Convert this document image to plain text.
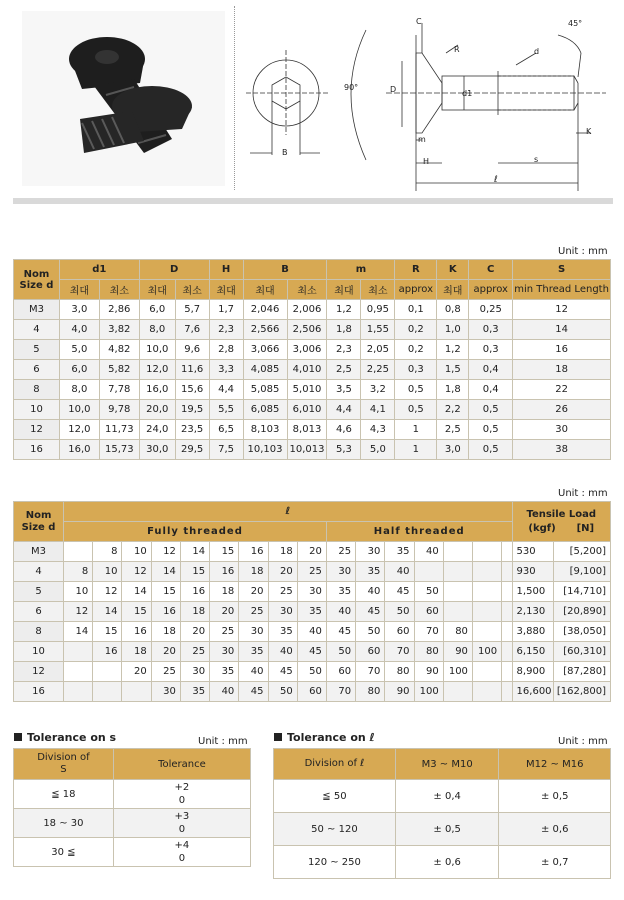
C
R	d
45°
D	d1
90°
m
K
B
H	s
ℓ
Unit : mm
Nom Size d	d1		D		H	B		m		R	K	C	S
	최대	최소	최대	최소	최대	최대	최소	최대	최소	approx	최대	approx	min Thread Length
M3	3,0	2,86	6,0	5,7	1,7	2,046	2,006	1,2	0,95	0,1	0,8	0,25	12
4	4,0	3,82	8,0	7,6	2,3	2,566	2,506	1,8	1,55	0,2	1,0	0,3	14
5	5,0	4,82	10,0	9,6	2,8	3,066	3,006	2,3	2,05	0,2	1,2	0,3	16
6	6,0	5,82	12,0	11,6	3,3	4,085	4,010	2,5	2,25	0,3	1,5	0,4	18
8	8,0	7,78	16,0	15,6	4,4	5,085	5,010	3,5	3,2	0,5	1,8	0,4	22
10	10,0	9,78	20,0	19,5	5,5	6,085	6,010	4,4	4,1	0,5	2,2	0,5	26
12	12,0	11,73	24,0	23,5	6,5	8,103	8,013	4,6	4,3	1	2,5	0,5	30
16	16,0	15,73	30,0	29,5	7,5	10,103	10,013	5,3	5,0	1	3,0	0,5	38
Unit : mm
Nom Size d	ℓ																Tensile Load
(kgf)      [N]	

	Fully threaded									Half threaded								
M3		8	10	12	14	15	16	18	20	25	30	35	40				530	[5,200]
4	8	10	12	14	15	16	18	20	25	30	35	40					930	[9,100]
5	10	12	14	15	16	18	20	25	30	35	40	45	50				1,500	[14,710]
6	12	14	15	16	18	20	25	30	35	40	45	50	60				2,130	[20,890]
8	14	15	16	18	20	25	30	35	40	45	50	60	70	80			3,880	[38,050]
10		16	18	20	25	30	35	40	45	50	60	70	80	90	100		6,150	[60,310]
12			20	25	30	35	40	45	50	60	70	80	90	100			8,900	[87,280]
16				30	35	40	45	50	60	70	80	90	100				16,600	[162,800]
Tolerance on s	Unit : mm
Division of S	Tolerance
≦ 18	+2
0

18 ~ 30	+3
0

30 ≦	+4
0
Tolerance on ℓ	Unit : mm
Division of ℓ	M3 ~ M10	M12 ~ M16
≦ 50	± 0,4	± 0,5
50 ~ 120	± 0,5	± 0,6
120 ~ 250	± 0,6	± 0,7
